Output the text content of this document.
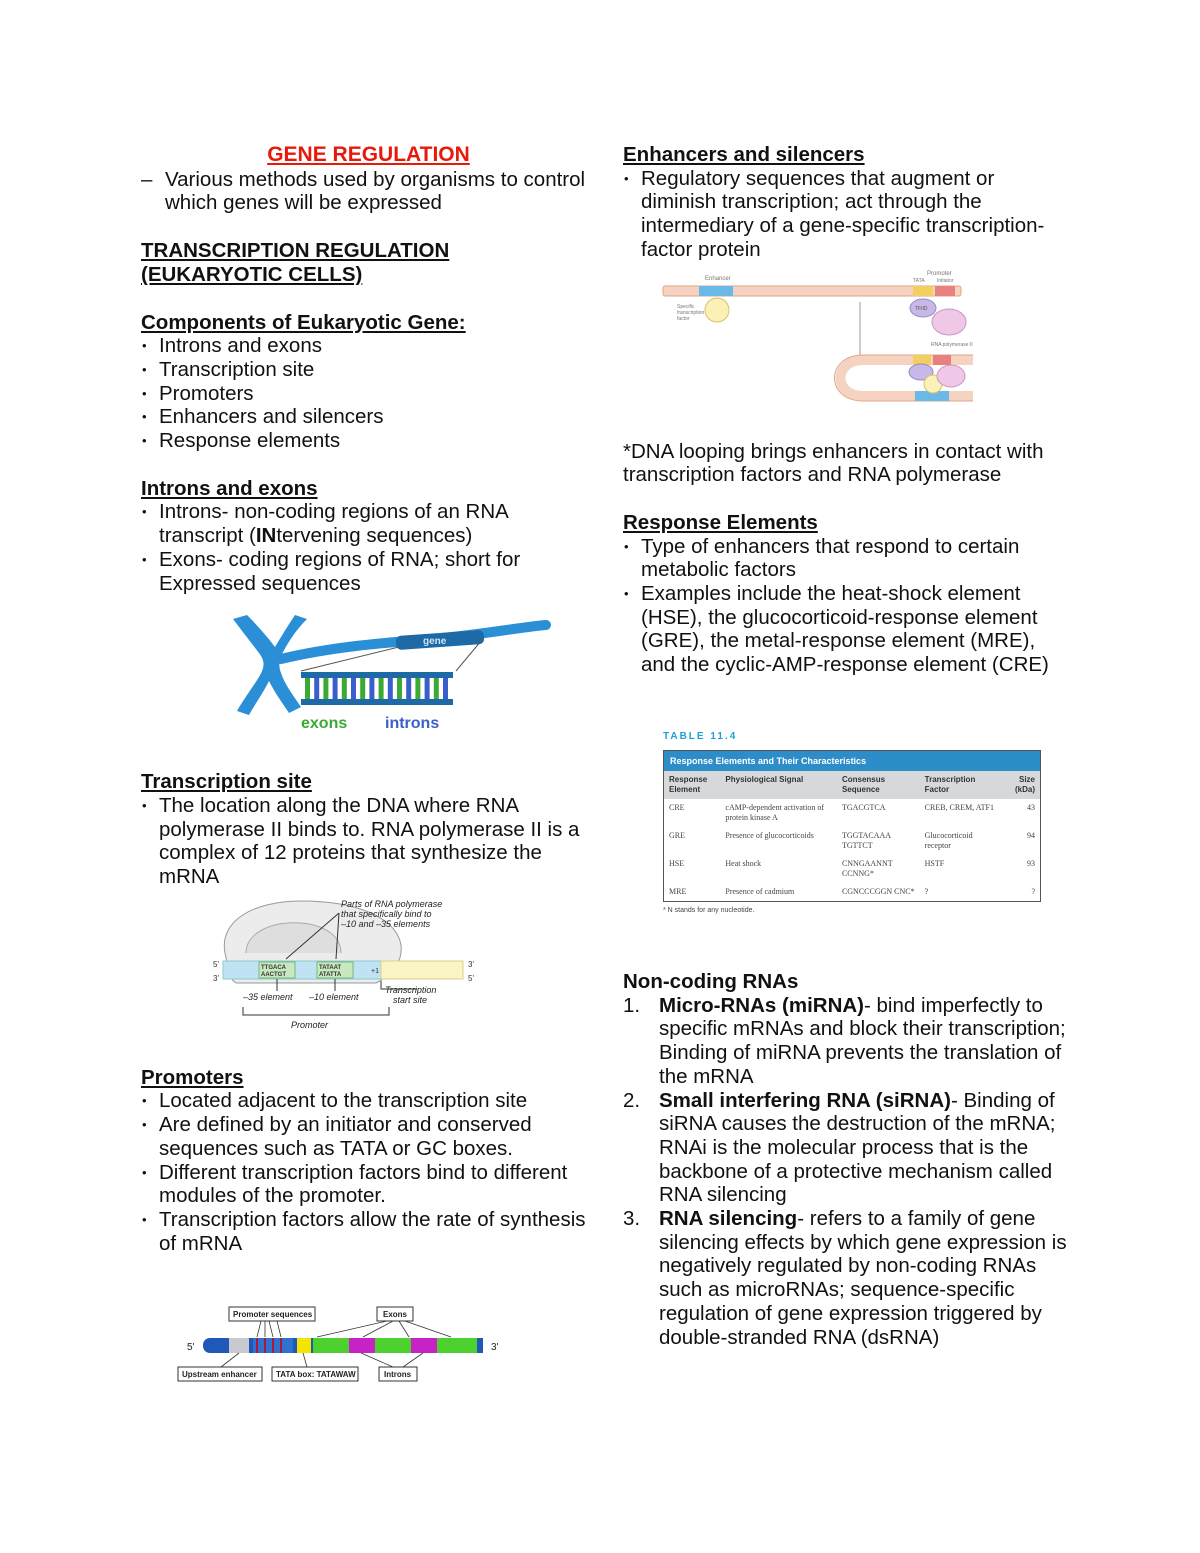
GENE REGULATION

– Various methods used by organisms to control which genes will be expressed

TRANSCRIPTION REGULATION

(EUKARYOTIC CELLS)

Components of Eukaryotic Gene:

• Introns and exons
• Transcription site
• Promoters
• Enhancers and silencers
• Response elements

Introns and exons

• Introns- non-coding regions of an RNA transcript (INtervening sequences)
• Exons- coding regions of RNA; short for Expressed sequences
gene
exons introns

Transcription site

• The location along the DNA where RNA polymerase II binds to. RNA polymerase II is a complex of 12 proteins that synthesize the mRNA
Parts of RNA polymerase
that specifically bind to
–10 and –35 elements
5'
3'
3'
5'
TTGACA
AACTGT
TATAAT
ATATTA	+1
–35 element –10 element
Transcription
start site
Promoter

Promoters

• Located adjacent to the transcription site
• Are defined by an initiator and conserved sequences such as TATA or GC boxes.
• Different transcription factors bind to different modules of the promoter.
• Transcription factors allow the rate of synthesis of mRNA
Promoter sequences	Exons
5'	3'
Upstream enhancer TATA box: TATAWAW	Introns

Enhancers and silencers

• Regulatory sequences that augment or diminish transcription; act through the intermediary of a gene-specific transcription-factor protein
Enhancer
Promoter
TATA Initiator
Specific
transcription
factor
TFIID
RNA polymerase II

*DNA looping brings enhancers in contact with transcription factors and RNA polymerase

Response Elements

• Type of enhancers that respond to certain metabolic factors
• Examples include the heat-shock element (HSE), the glucocorticoid-response element (GRE), the metal-response element (MRE), and the cyclic-AMP-response element (CRE)
TABLE 11.4
Response Elements and Their Characteristics
Response Element	Physiological Signal	Consensus Sequence	Transcription Factor	Size (kDa)
CRE	cAMP-dependent activation of protein kinase A	TGACGTCA	CREB, CREM, ATF1	43
GRE	Presence of glucocorticoids	TGGTACAAA TGTTCT	Glucocorticoid receptor	94
HSE	Heat shock	CNNGAANNT CCNNG*	HSTF	93
MRE	Presence of cadmium	CGNCCCGGN CNC*	?	?
* N stands for any nucleotide.

Non-coding RNAs

1. Micro-RNAs (miRNA)- bind imperfectly to specific mRNAs and block their transcription; Binding of miRNA prevents the translation of the mRNA
2. Small interfering RNA (siRNA)- Binding of siRNA causes the destruction of the mRNA; RNAi is the molecular process that is the backbone of a protective mechanism called RNA silencing
3. RNA silencing- refers to a family of gene silencing effects by which gene expression is negatively regulated by non-coding RNAs such as microRNAs; sequence-specific regulation of gene expression triggered by double-stranded RNA (dsRNA)
